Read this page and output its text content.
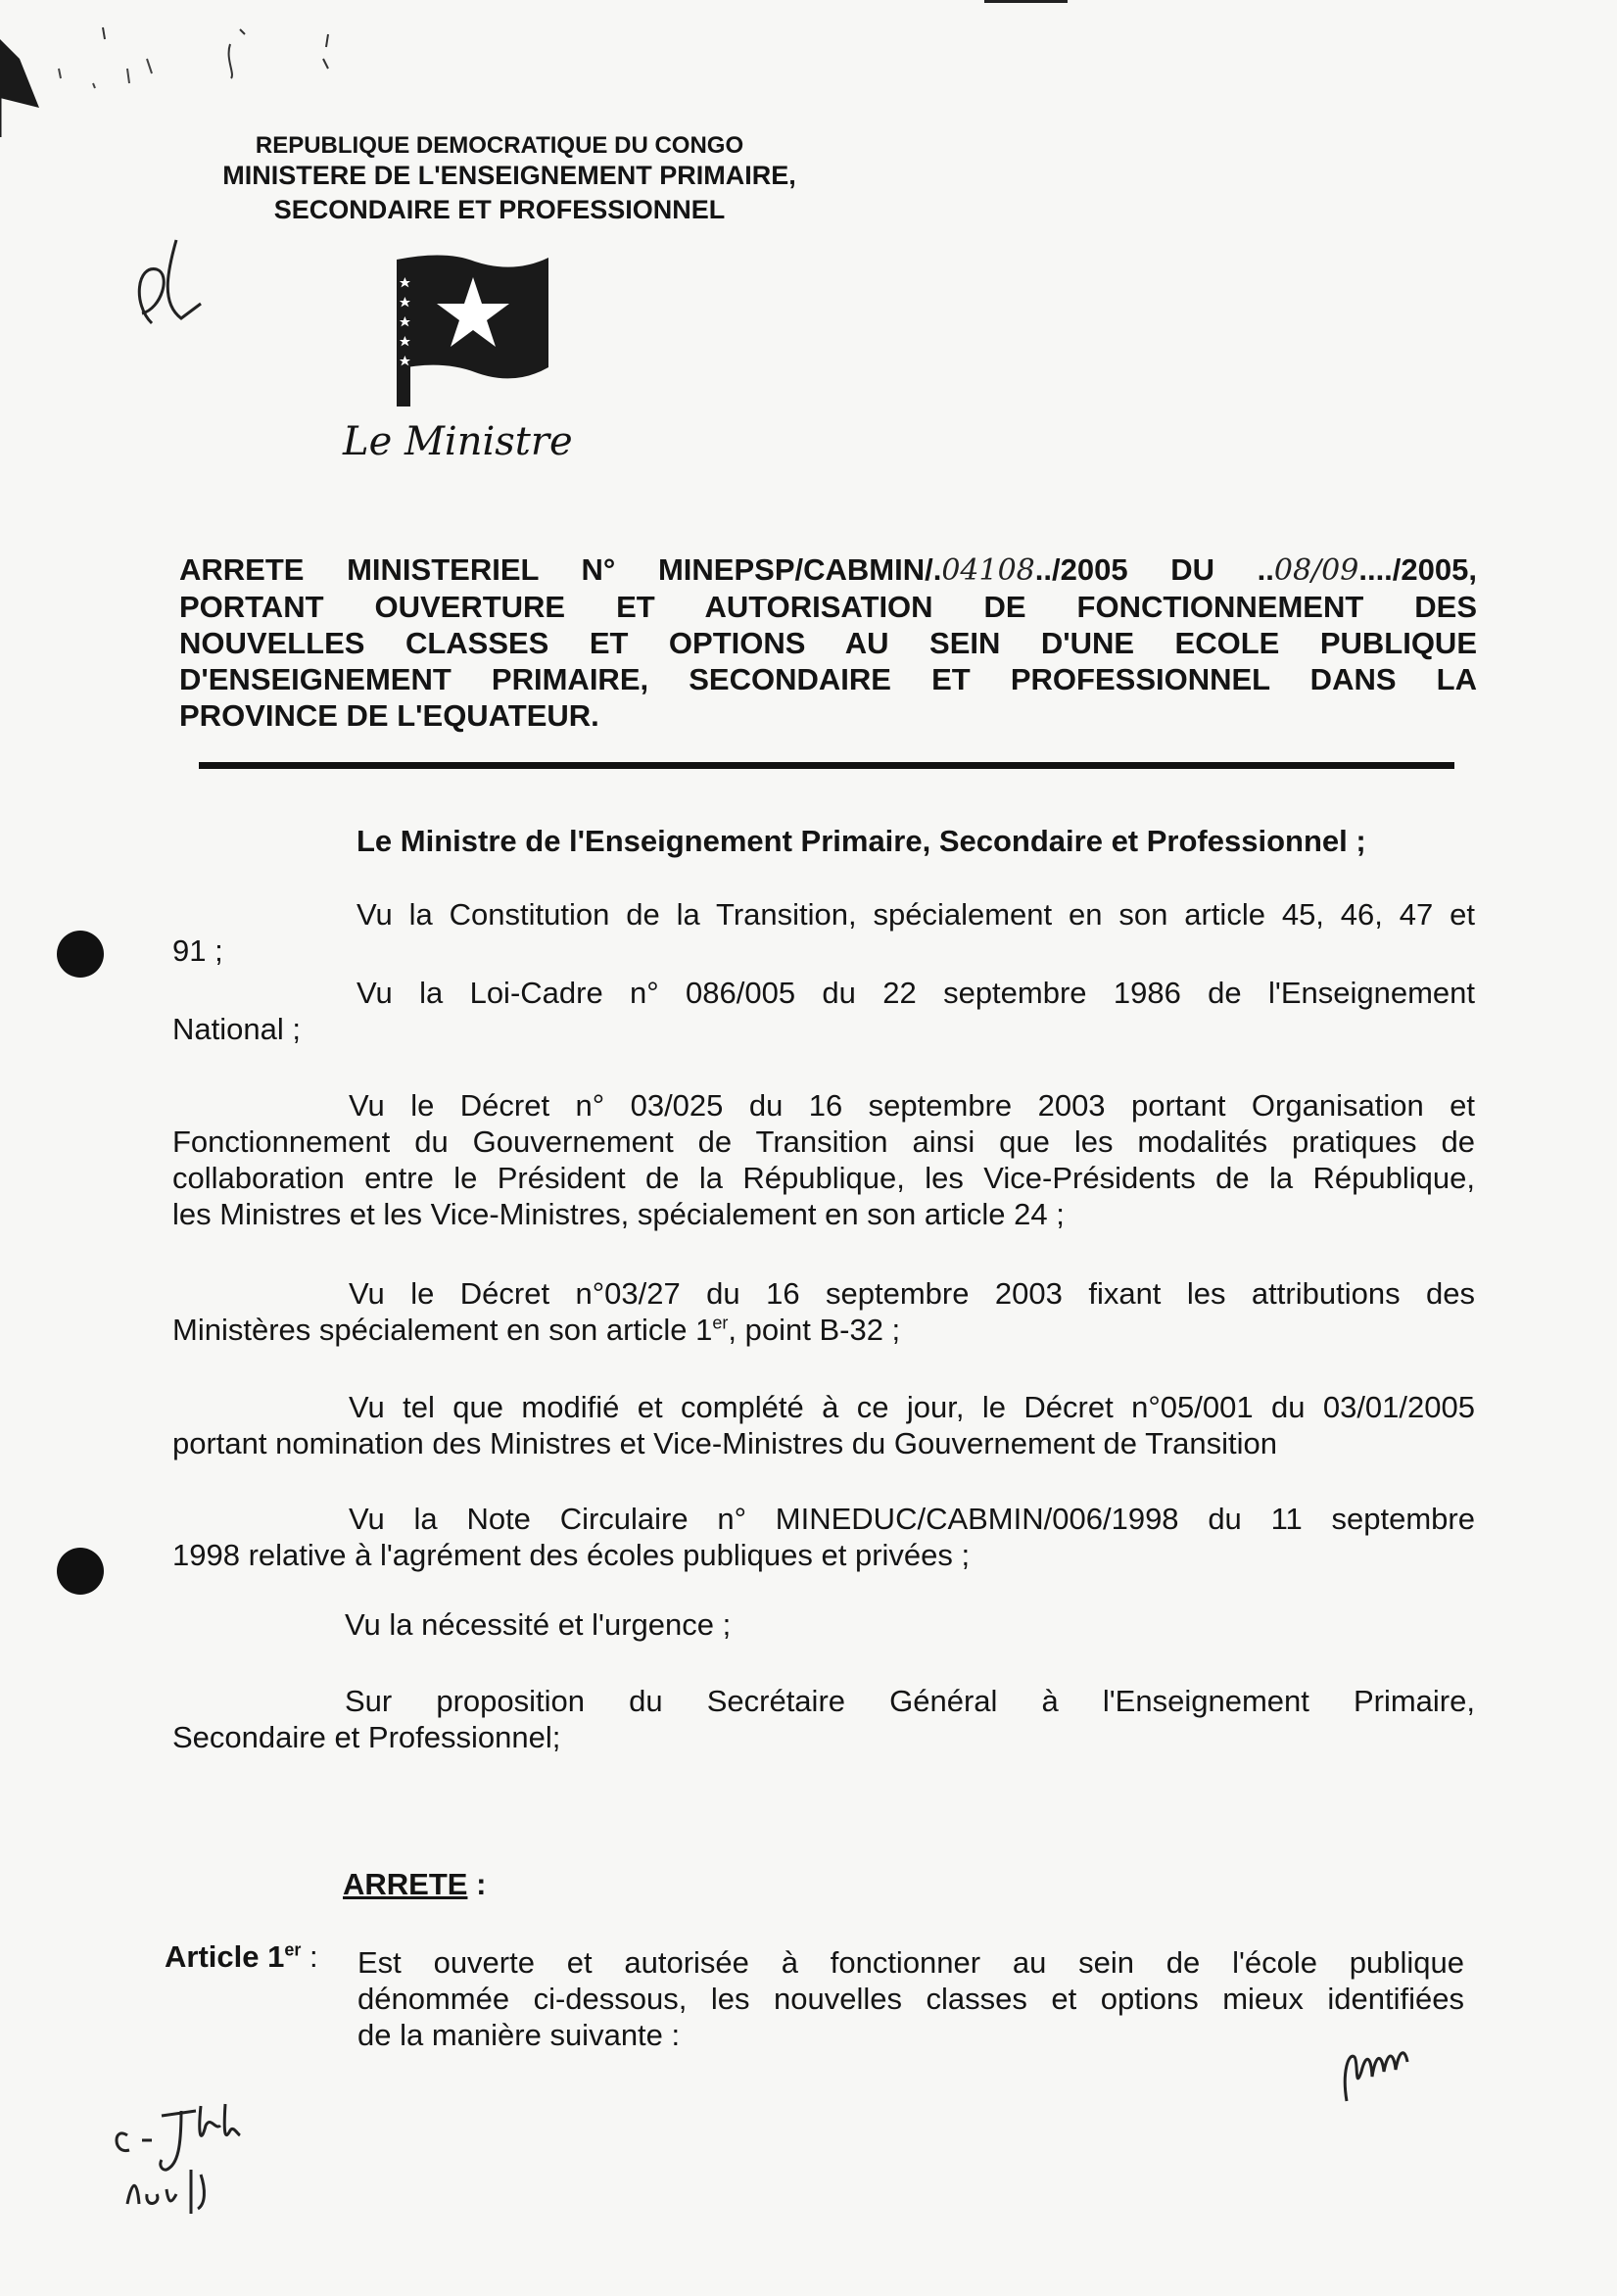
REPUBLIQUE DEMOCRATIQUE DU CONGO
MINISTERE DE L'ENSEIGNEMENT PRIMAIRE,
SECONDAIRE ET PROFESSIONNEL
Le Ministre
ARRETE MINISTERIEL N° MINEPSP/CABMIN/.04108../2005 DU ..08/09..../2005,
PORTANT OUVERTURE ET AUTORISATION DE FONCTIONNEMENT DES
NOUVELLES CLASSES ET OPTIONS AU SEIN D'UNE ECOLE PUBLIQUE
D'ENSEIGNEMENT PRIMAIRE, SECONDAIRE ET PROFESSIONNEL DANS LA
PROVINCE DE L'EQUATEUR.
Le Ministre de l'Enseignement Primaire, Secondaire et Professionnel ;
Vu la Constitution de la Transition, spécialement en son article 45, 46, 47 et
91 ;
Vu la Loi-Cadre n° 086/005 du 22 septembre 1986 de l'Enseignement
National ;
Vu le Décret n° 03/025 du 16 septembre 2003 portant Organisation et
Fonctionnement du Gouvernement de Transition ainsi que les modalités pratiques de
collaboration entre le Président de la République, les Vice-Présidents de la République,
les Ministres et les Vice-Ministres, spécialement en son article 24 ;
Vu le Décret n°03/27 du 16 septembre 2003 fixant les attributions des
Ministères spécialement en son article 1er, point B-32 ;
Vu tel que modifié et complété à ce jour, le Décret n°05/001 du 03/01/2005
portant nomination des Ministres et Vice-Ministres du Gouvernement de Transition
Vu la Note Circulaire n° MINEDUC/CABMIN/006/1998 du 11 septembre
1998 relative à l'agrément des écoles publiques et privées ;
Vu la nécessité et l'urgence ;
Sur proposition du Secrétaire Général à l'Enseignement Primaire,
Secondaire et Professionnel;
ARRETE :
Article 1er : Est ouverte et autorisée à fonctionner au sein de l'école publique
dénommée ci-dessous, les nouvelles classes et options mieux identifiées
de la manière suivante :
